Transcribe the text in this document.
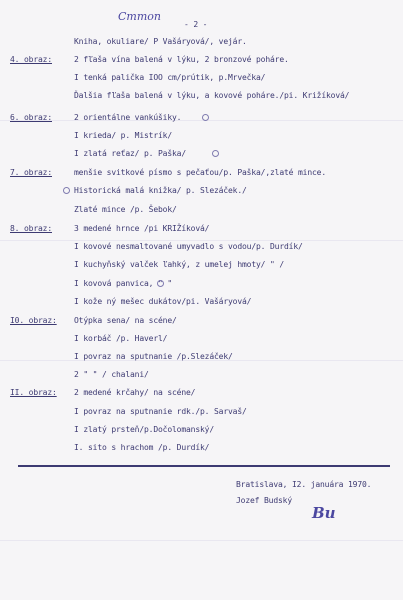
Cmmon
- 2 -
Kniha, okuliare/ P Vašáryová/, vejár.
4. obraz:	2 fľaša vína balená v lýku, 2 bronzové poháre.
I tenká palička IOO cm/prútik, p.Mrvečka/
Ďalšia fľaša balená v lýku, a kovové poháre./pi. Križíková/
6. obraz:	2 orientálne vankúšiky.
I krieda/ p. Mistrík/
I zlatá reťaz/ p. Paška/
7. obraz:	menšie svitkové písmo s pečaťou/p. Paška/,zlaté mince.
Historická malá knižka/ p. Slezáček./
Zlaté mince /p. Šebok/
8. obraz:	3 medené hrnce /pi KRIŽíková/
I kovové nesmaltované umyvadlo s vodou/p. Durdík/
I kuchyňský valček ľahký, z umelej hmoty/ " /
I kovová panvica, " "
I kože ný mešec dukátov/pi. Vašáryová/
I0. obraz: Otýpka sena/ na scéne/
I korbáč /p. Haverl/
I povraz na sputnanie /p.Slezáček/
2 " " / chalani/
II. obraz: 2 medené krčahy/ na scéne/
I povraz na sputnanie rdk./p. Sarvaš/
I zlatý prsteň/p.Dočolomanský/
I. sito s hrachom /p. Durdík/
Bratislava, I2. januára 1970.
Jozef Budský
Bu
